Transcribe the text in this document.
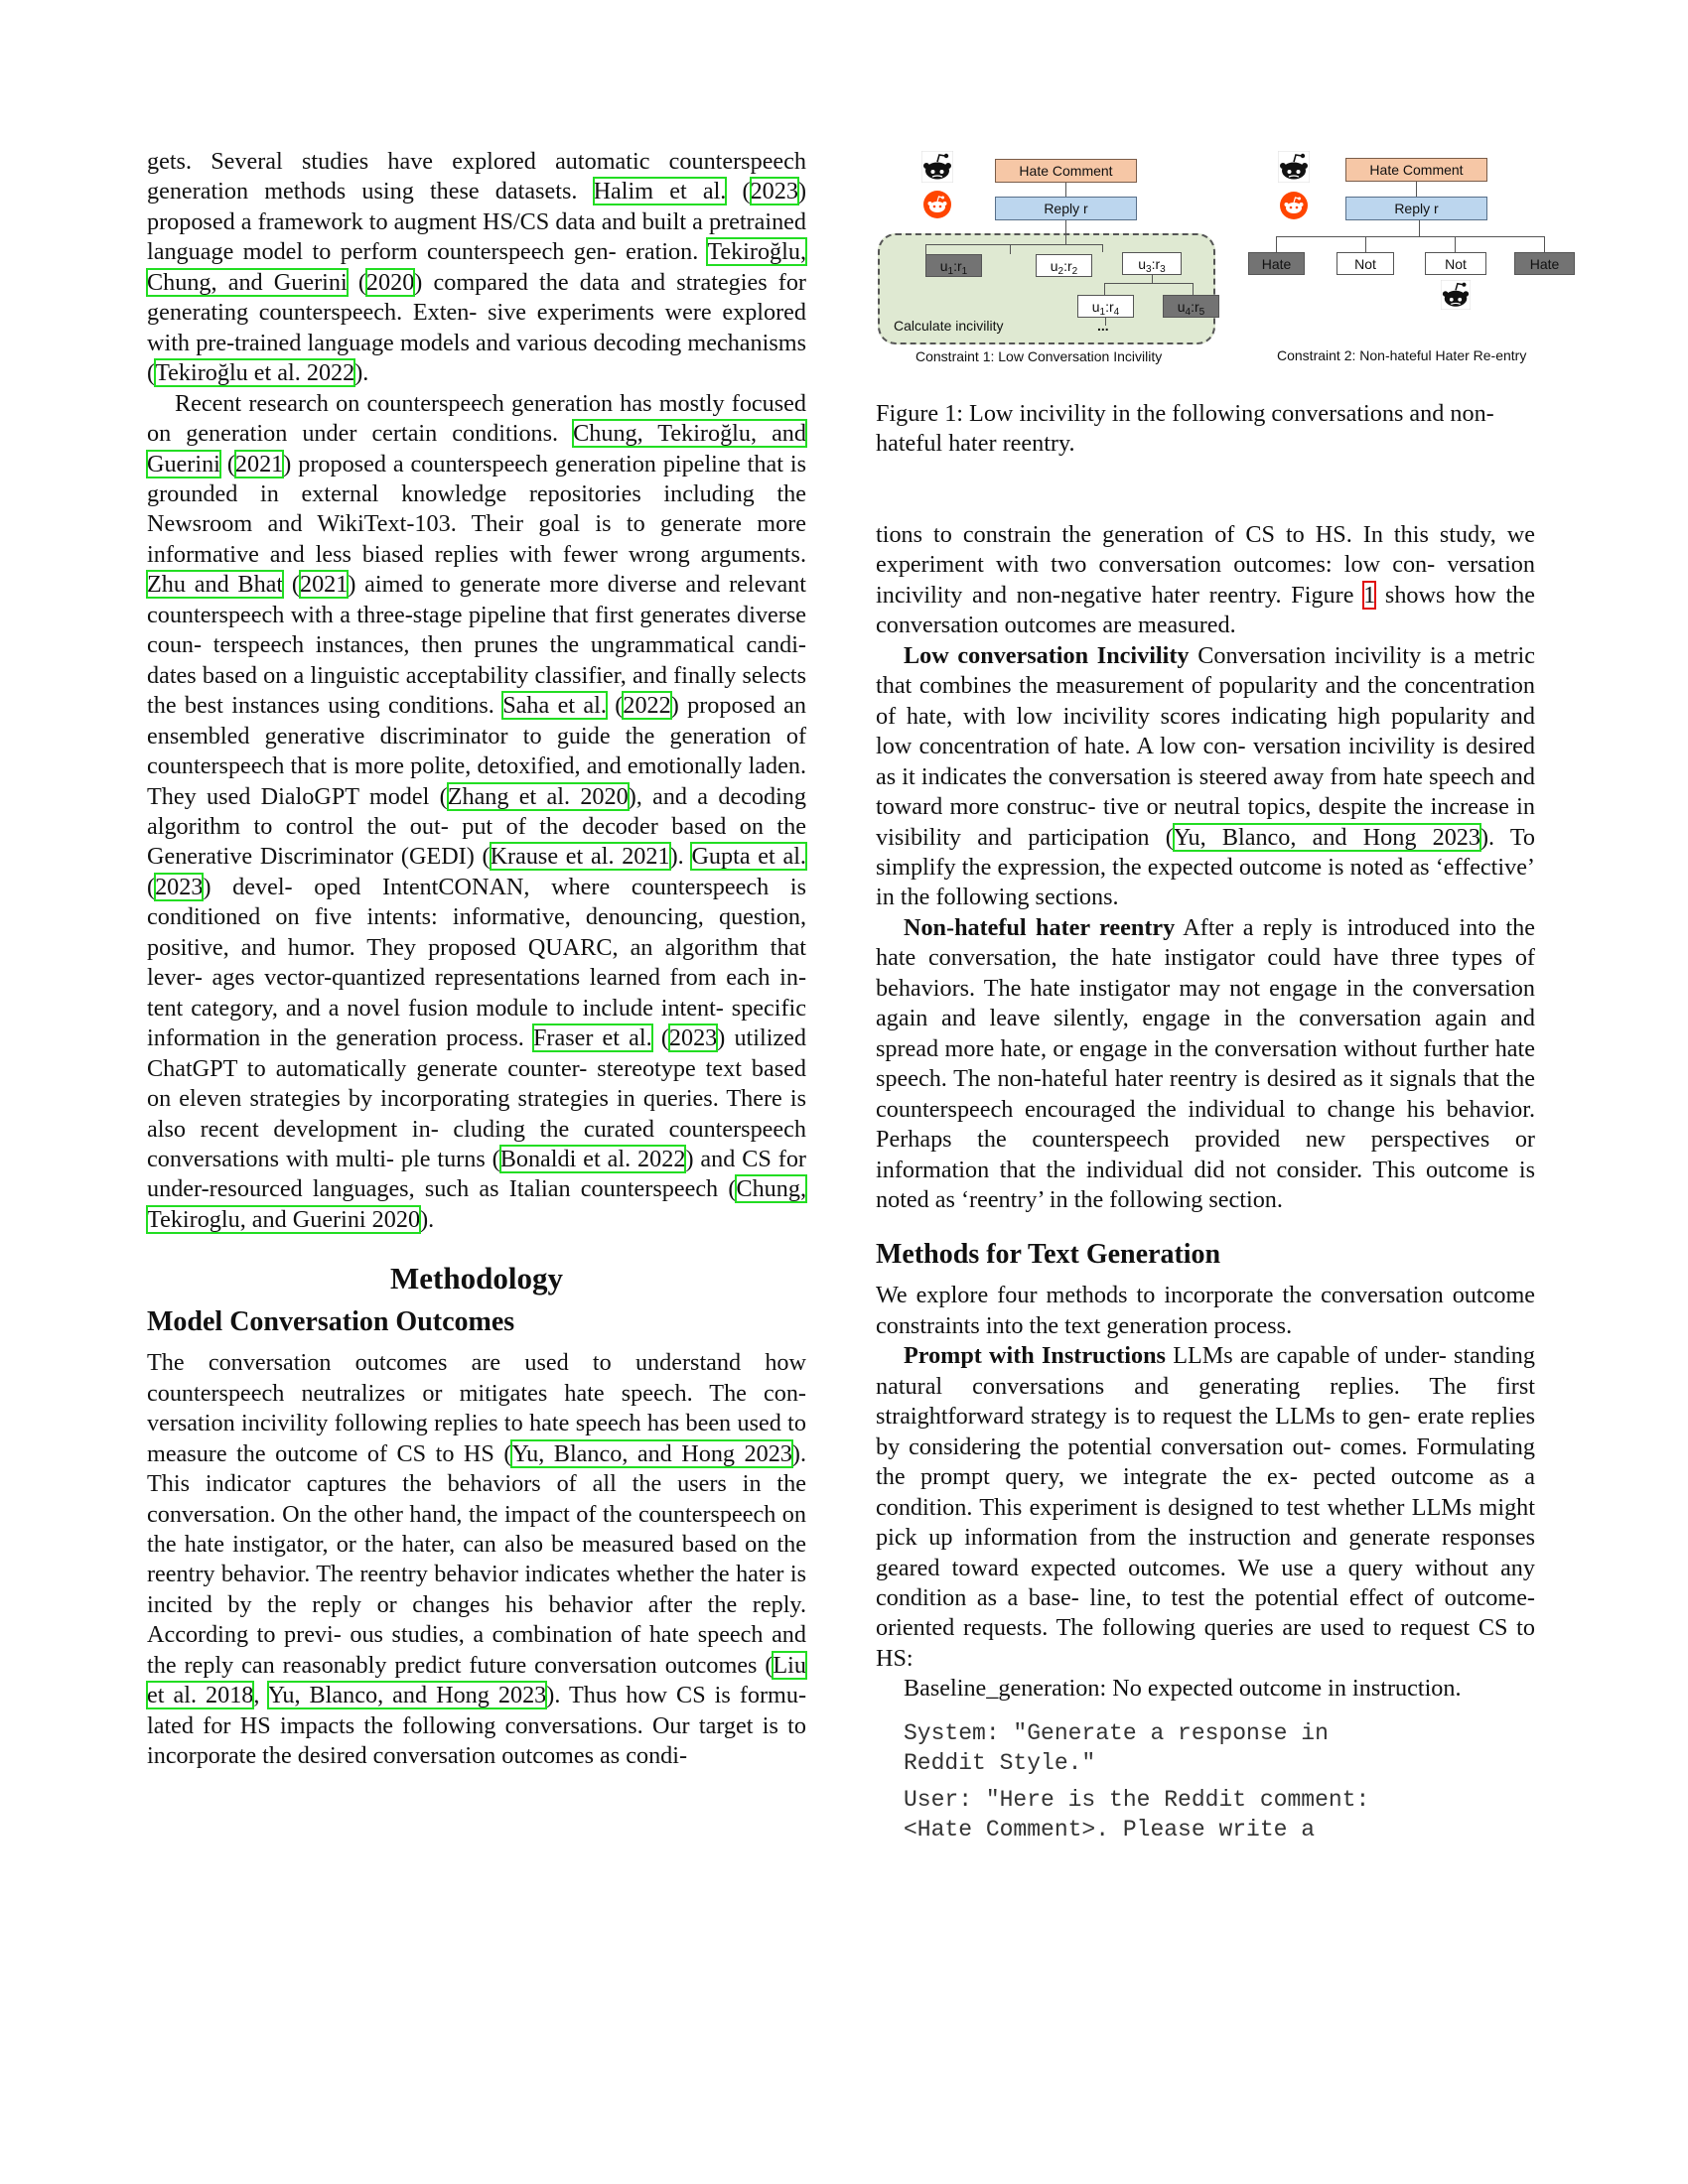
Hate Comment
Reply r
$u_1:r_1$	$u_2:r_2$	$u_3:r_3$
$u_1:r_4$	$u_4:r_5$
...
Calculate incivility
Constraint 1: Low Conversation Incivility
Hate Comment
Reply r
Hate	Not	Not	Hate
Constraint 2: Non-hateful Hater Re-entry
Figure 1: Low incivility in the following conversations and non-hateful hater reentry.

gets. Several studies have explored automatic counterspeech generation methods using these datasets. Halim et al. (2023) proposed a framework to augment HS/CS data and built a pretrained language model to perform counterspeech gen- eration. Tekiroğlu, Chung, and Guerini (2020) compared the data and strategies for generating counterspeech. Exten- sive experiments were explored with pre-trained language models and various decoding mechanisms (Tekiroğlu et al. 2022).

Recent research on counterspeech generation has mostly focused on generation under certain conditions. Chung, Tekiroğlu, and Guerini (2021) proposed a counterspeech generation pipeline that is grounded in external knowledge repositories including the Newsroom and WikiText-103. Their goal is to generate more informative and less biased replies with fewer wrong arguments. Zhu and Bhat (2021) aimed to generate more diverse and relevant counterspeech with a three-stage pipeline that first generates diverse coun- terspeech instances, then prunes the ungrammatical candi- dates based on a linguistic acceptability classifier, and finally selects the best instances using conditions. Saha et al. (2022) proposed an ensembled generative discriminator to guide the generation of counterspeech that is more polite, detoxified, and emotionally laden. They used DialoGPT model (Zhang et al. 2020), and a decoding algorithm to control the out- put of the decoder based on the Generative Discriminator (GEDI) (Krause et al. 2021). Gupta et al. (2023) devel- oped IntentCONAN, where counterspeech is conditioned on five intents: informative, denouncing, question, positive, and humor. They proposed QUARC, an algorithm that lever- ages vector-quantized representations learned from each in- tent category, and a novel fusion module to include intent- specific information in the generation process. Fraser et al. (2023) utilized ChatGPT to automatically generate counter- stereotype text based on eleven strategies by incorporating strategies in queries. There is also recent development in- cluding the curated counterspeech conversations with multi- ple turns (Bonaldi et al. 2022) and CS for under-resourced languages, such as Italian counterspeech (Chung, Tekiroglu, and Guerini 2020).

Methodology
Model Conversation Outcomes

The conversation outcomes are used to understand how counterspeech neutralizes or mitigates hate speech. The con- versation incivility following replies to hate speech has been used to measure the outcome of CS to HS (Yu, Blanco, and Hong 2023). This indicator captures the behaviors of all the users in the conversation. On the other hand, the impact of the counterspeech on the hate instigator, or the hater, can also be measured based on the reentry behavior. The reentry behavior indicates whether the hater is incited by the reply or changes his behavior after the reply. According to previ- ous studies, a combination of hate speech and the reply can reasonably predict future conversation outcomes (Liu et al. 2018, Yu, Blanco, and Hong 2023). Thus how CS is formu- lated for HS impacts the following conversations. Our target is to incorporate the desired conversation outcomes as condi-

tions to constrain the generation of CS to HS. In this study, we experiment with two conversation outcomes: low con- versation incivility and non-negative hater reentry. Figure 1 shows how the conversation outcomes are measured.

Low conversation Incivility Conversation incivility is a metric that combines the measurement of popularity and the concentration of hate, with low incivility scores indicating high popularity and low concentration of hate. A low con- versation incivility is desired as it indicates the conversation is steered away from hate speech and toward more construc- tive or neutral topics, despite the increase in visibility and participation (Yu, Blanco, and Hong 2023). To simplify the expression, the expected outcome is noted as ‘effective’ in the following sections.

Non-hateful hater reentry After a reply is introduced into the hate conversation, the hate instigator could have three types of behaviors. The hate instigator may not engage in the conversation again and leave silently, engage in the conversation again and spread more hate, or engage in the conversation without further hate speech. The non-hateful hater reentry is desired as it signals that the counterspeech encouraged the individual to change his behavior. Perhaps the counterspeech provided new perspectives or information that the individual did not consider. This outcome is noted as ‘reentry’ in the following section.

Methods for Text Generation

We explore four methods to incorporate the conversation outcome constraints into the text generation process.

Prompt with Instructions LLMs are capable of under- standing natural conversations and generating replies. The first straightforward strategy is to request the LLMs to gen- erate replies by considering the potential conversation out- comes. Formulating the prompt query, we integrate the ex- pected outcome as a condition. This experiment is designed to test whether LLMs might pick up information from the instruction and generate responses geared toward expected outcomes. We use a query without any condition as a base- line, to test the potential effect of outcome-oriented requests. The following queries are used to request CS to HS:

Baseline_generation: No expected outcome in instruction.

System: "Generate a response in
Reddit Style."
User: "Here is the Reddit comment:
<Hate Comment>. Please write a
